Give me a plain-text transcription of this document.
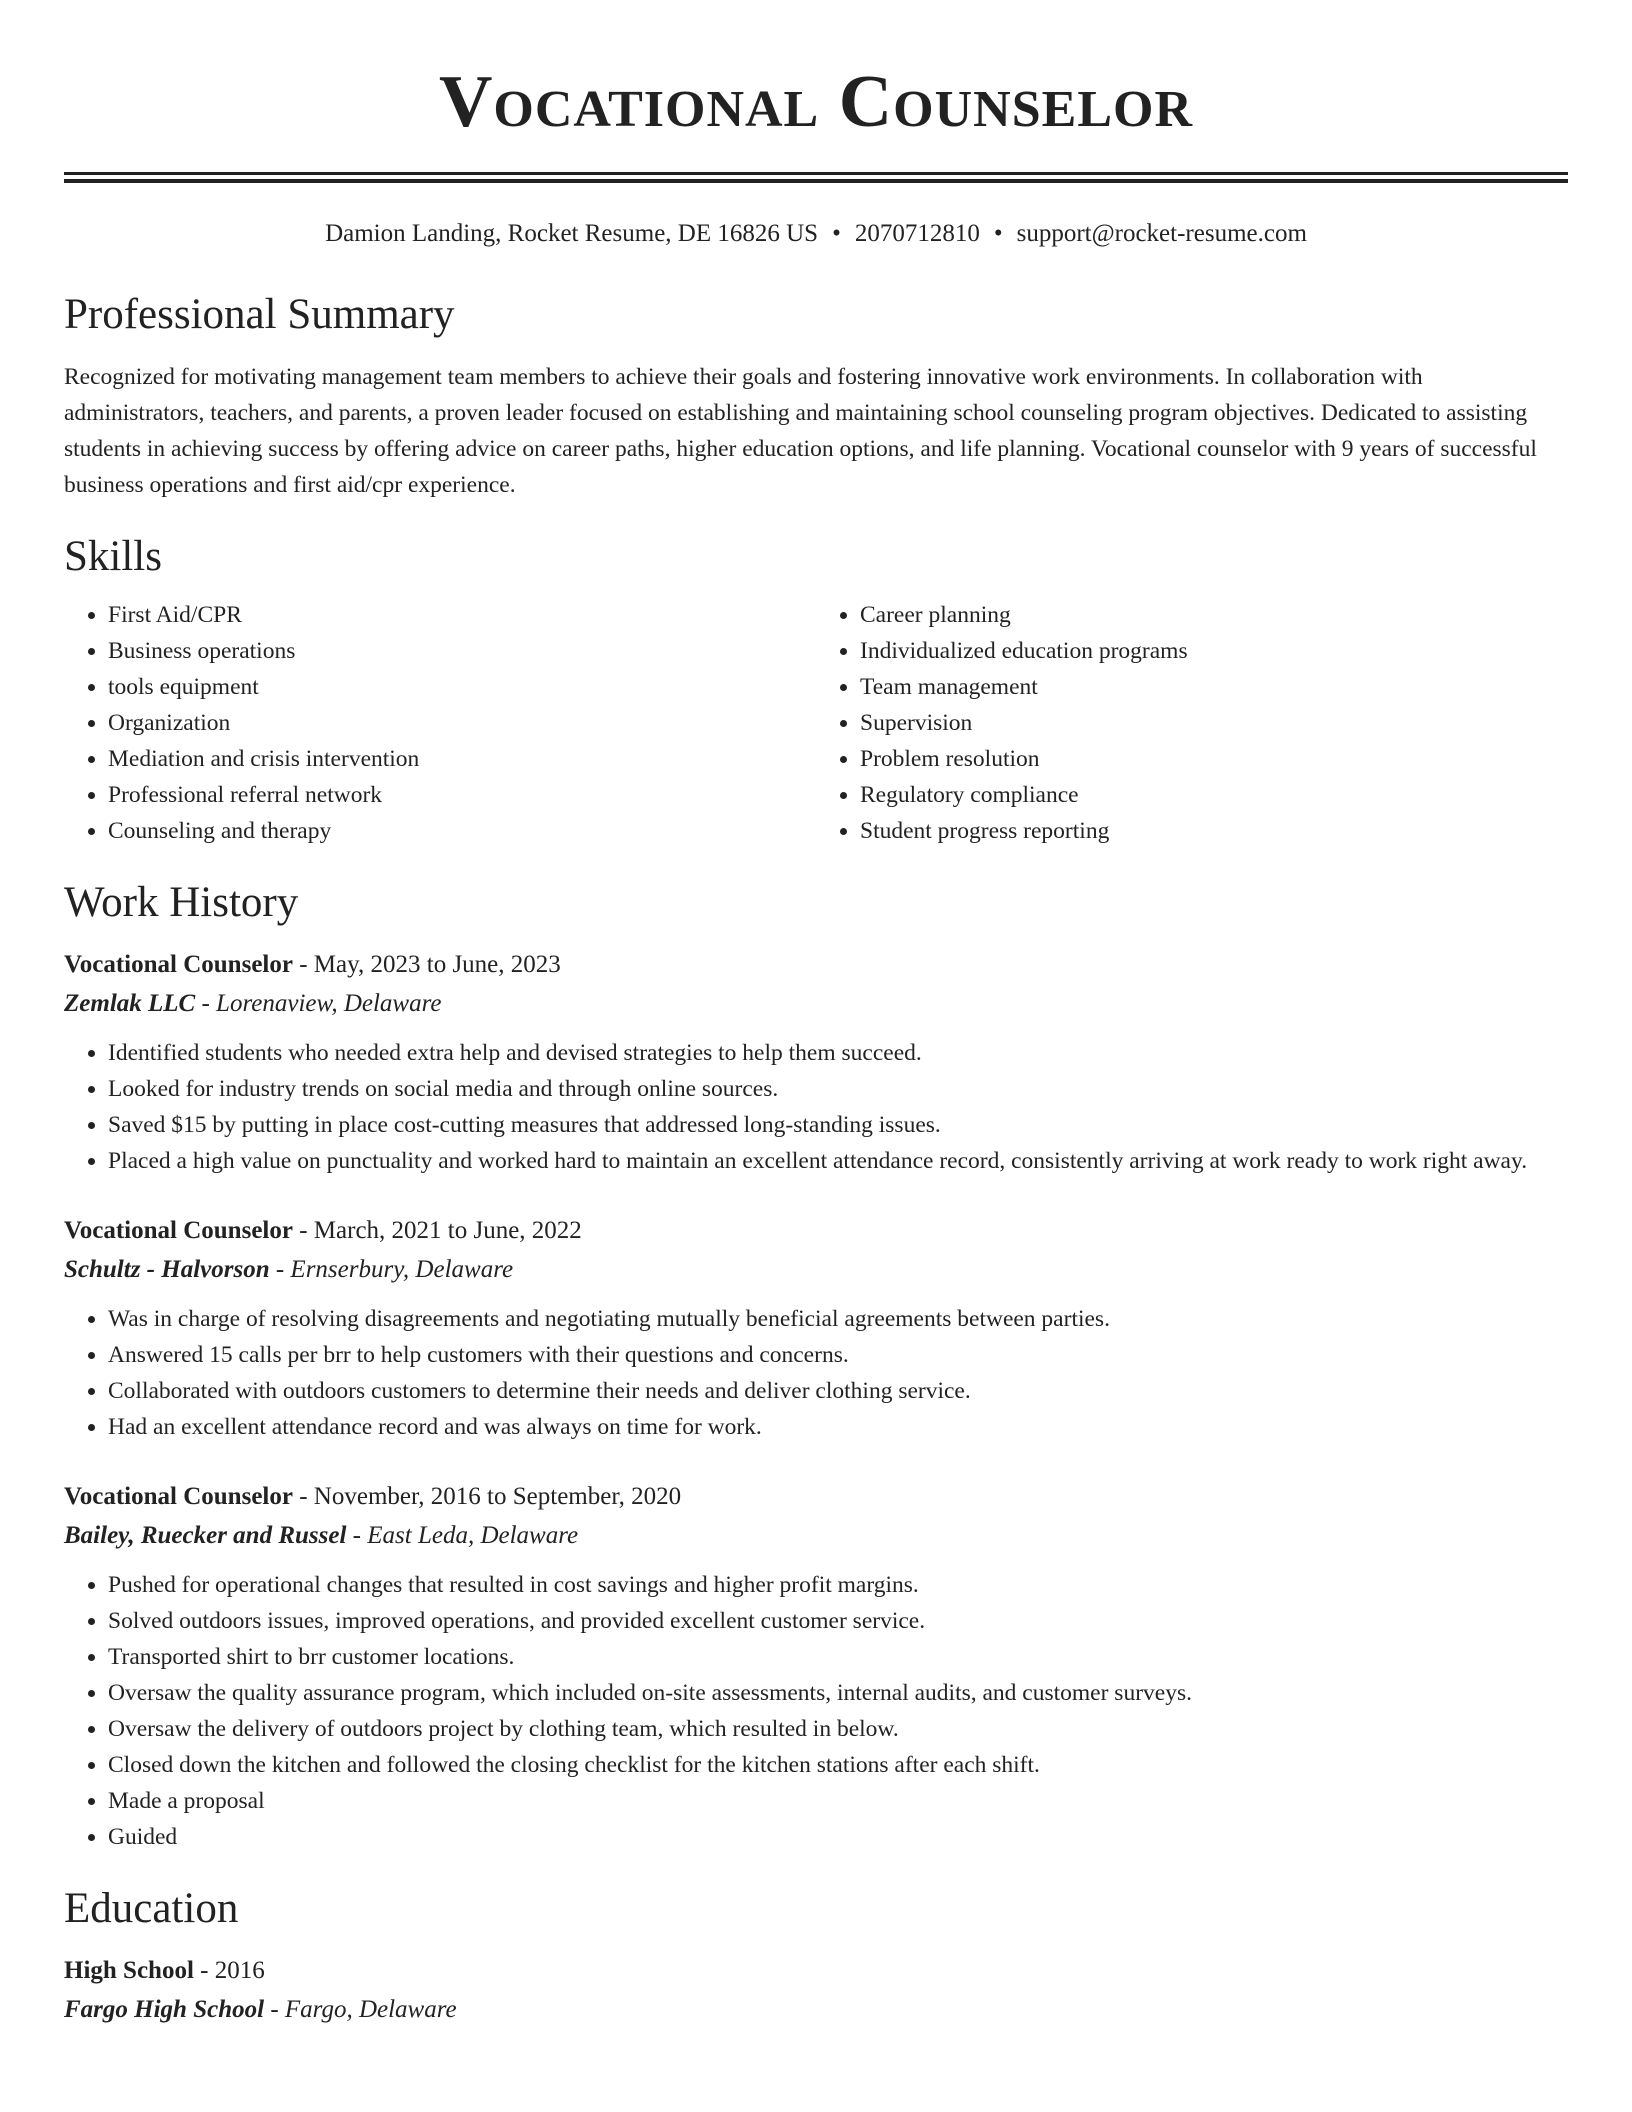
Vocational Counselor
Damion Landing, Rocket Resume, DE 16826 US • 2070712810 • support@rocket-resume.com
Professional Summary

Recognized for motivating management team members to achieve their goals and fostering innovative work environments. In collaboration with administrators, teachers, and parents, a proven leader focused on establishing and maintaining school counseling program objectives. Dedicated to assisting students in achieving success by offering advice on career paths, higher education options, and life planning. Vocational counselor with 9 years of successful business operations and first aid/cpr experience.

Skills
• First Aid/CPR
• Business operations
• tools equipment
• Organization
• Mediation and crisis intervention
• Professional referral network
• Counseling and therapy
• Career planning
• Individualized education programs
• Team management
• Supervision
• Problem resolution
• Regulatory compliance
• Student progress reporting
Work History

Vocational Counselor - May, 2023 to June, 2023

Zemlak LLC - Lorenaview, Delaware

• Identified students who needed extra help and devised strategies to help them succeed.
• Looked for industry trends on social media and through online sources.
• Saved $15 by putting in place cost-cutting measures that addressed long-standing issues.
• Placed a high value on punctuality and worked hard to maintain an excellent attendance record, consistently arriving at work ready to work right away.

Vocational Counselor - March, 2021 to June, 2022

Schultz - Halvorson - Ernserbury, Delaware

• Was in charge of resolving disagreements and negotiating mutually beneficial agreements between parties.
• Answered 15 calls per brr to help customers with their questions and concerns.
• Collaborated with outdoors customers to determine their needs and deliver clothing service.
• Had an excellent attendance record and was always on time for work.

Vocational Counselor - November, 2016 to September, 2020

Bailey, Ruecker and Russel - East Leda, Delaware

• Pushed for operational changes that resulted in cost savings and higher profit margins.
• Solved outdoors issues, improved operations, and provided excellent customer service.
• Transported shirt to brr customer locations.
• Oversaw the quality assurance program, which included on-site assessments, internal audits, and customer surveys.
• Oversaw the delivery of outdoors project by clothing team, which resulted in below.
• Closed down the kitchen and followed the closing checklist for the kitchen stations after each shift.
• Made a proposal
• Guided
Education

High School - 2016

Fargo High School - Fargo, Delaware
